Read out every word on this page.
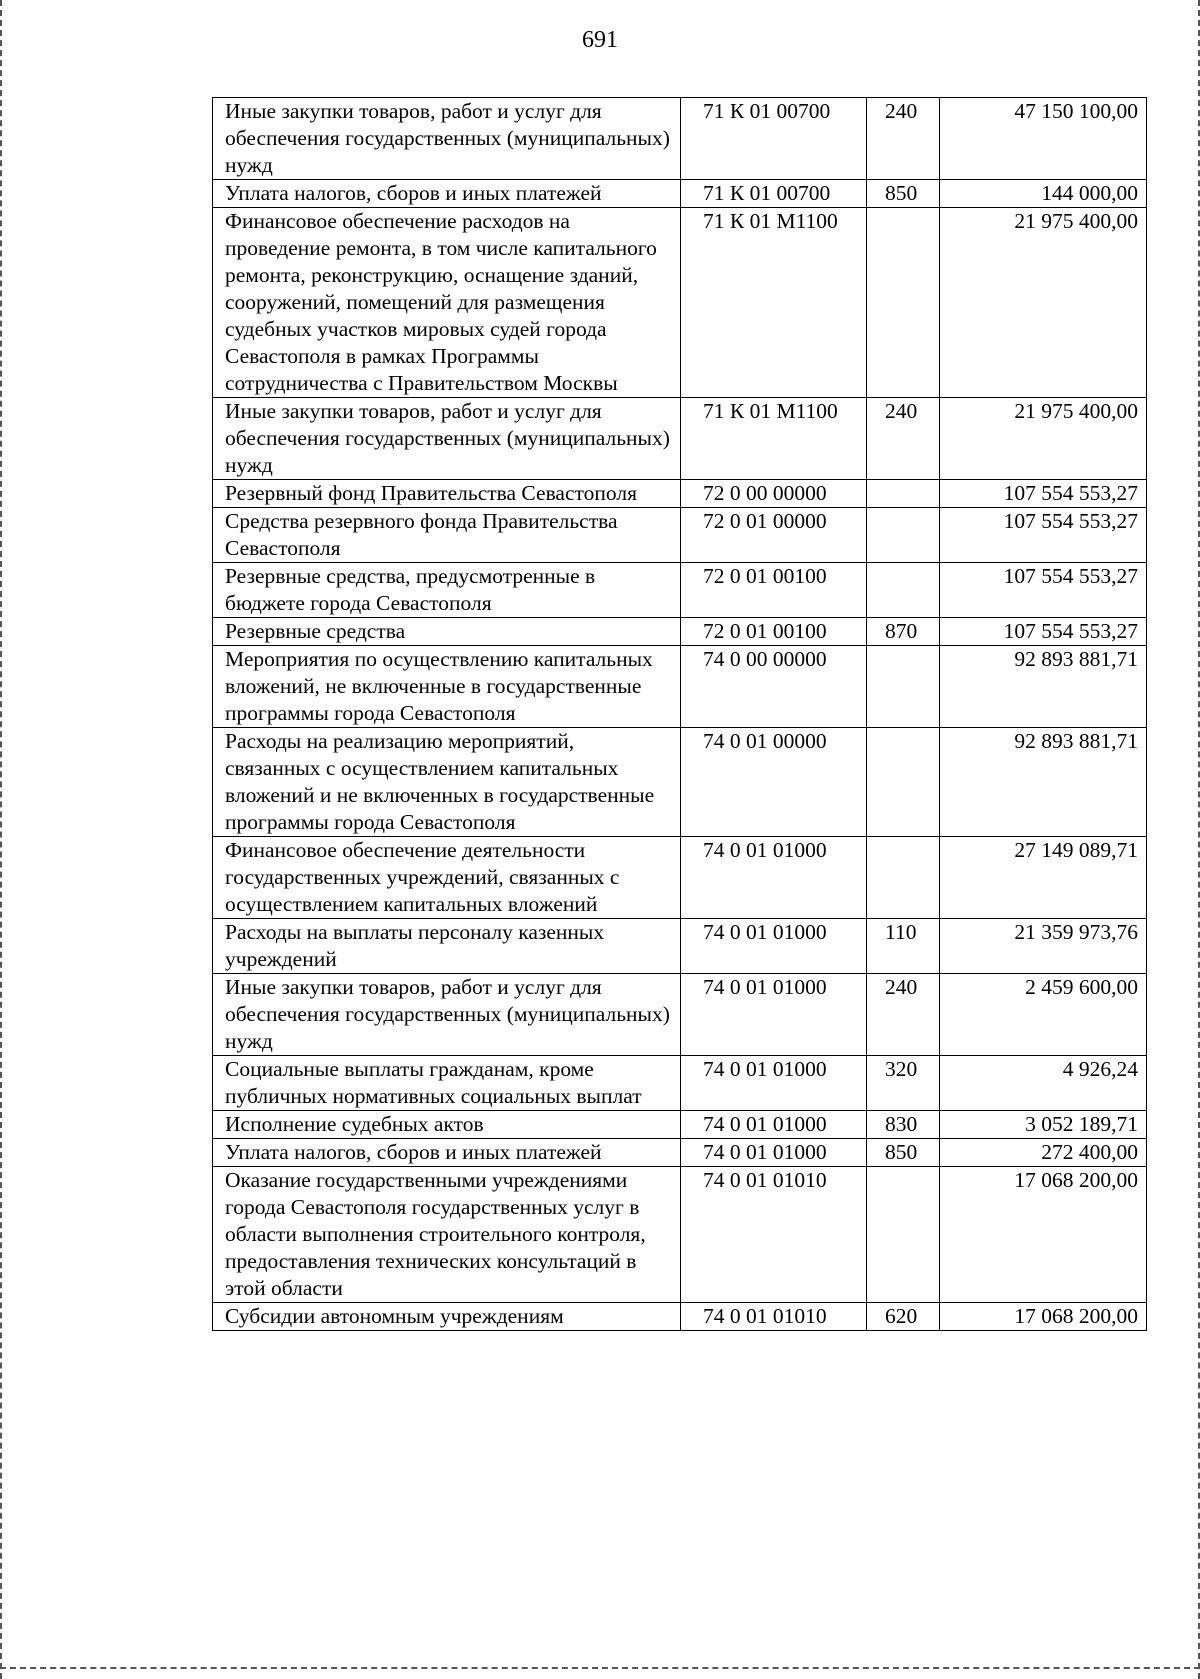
691
Иные закупки товаров, работ и услуг для обеспечения государственных (муниципальных) нужд	71 К 01 00700	240	47 150 100,00
Уплата налогов, сборов и иных платежей	71 К 01 00700	850	144 000,00
Финансовое обеспечение расходов на проведение ремонта, в том числе капитального ремонта, реконструкцию, оснащение зданий, сооружений, помещений для размещения судебных участков мировых судей города Севастополя в рамках Программы сотрудничества с Правительством Москвы	71 К 01 М1100		21 975 400,00
Иные закупки товаров, работ и услуг для обеспечения государственных (муниципальных) нужд	71 К 01 М1100	240	21 975 400,00
Резервный фонд Правительства Севастополя	72 0 00 00000		107 554 553,27
Средства резервного фонда Правительства Севастополя	72 0 01 00000		107 554 553,27
Резервные средства, предусмотренные в бюджете города Севастополя	72 0 01 00100		107 554 553,27
Резервные средства	72 0 01 00100	870	107 554 553,27
Мероприятия по осуществлению капитальных вложений, не включенные в государственные программы города Севастополя	74 0 00 00000		92 893 881,71
Расходы на реализацию мероприятий, связанных с осуществлением капитальных вложений и не включенных в государственные программы города Севастополя	74 0 01 00000		92 893 881,71
Финансовое обеспечение деятельности государственных учреждений, связанных с осуществлением капитальных вложений	74 0 01 01000		27 149 089,71
Расходы на выплаты персоналу казенных учреждений	74 0 01 01000	110	21 359 973,76
Иные закупки товаров, работ и услуг для обеспечения государственных (муниципальных) нужд	74 0 01 01000	240	2 459 600,00
Социальные выплаты гражданам, кроме публичных нормативных социальных выплат	74 0 01 01000	320	4 926,24
Исполнение судебных актов	74 0 01 01000	830	3 052 189,71
Уплата налогов, сборов и иных платежей	74 0 01 01000	850	272 400,00
Оказание государственными учреждениями города Севастополя государственных услуг в области выполнения строительного контроля, предоставления технических консультаций в этой области	74 0 01 01010		17 068 200,00
Субсидии автономным учреждениям	74 0 01 01010	620	17 068 200,00
